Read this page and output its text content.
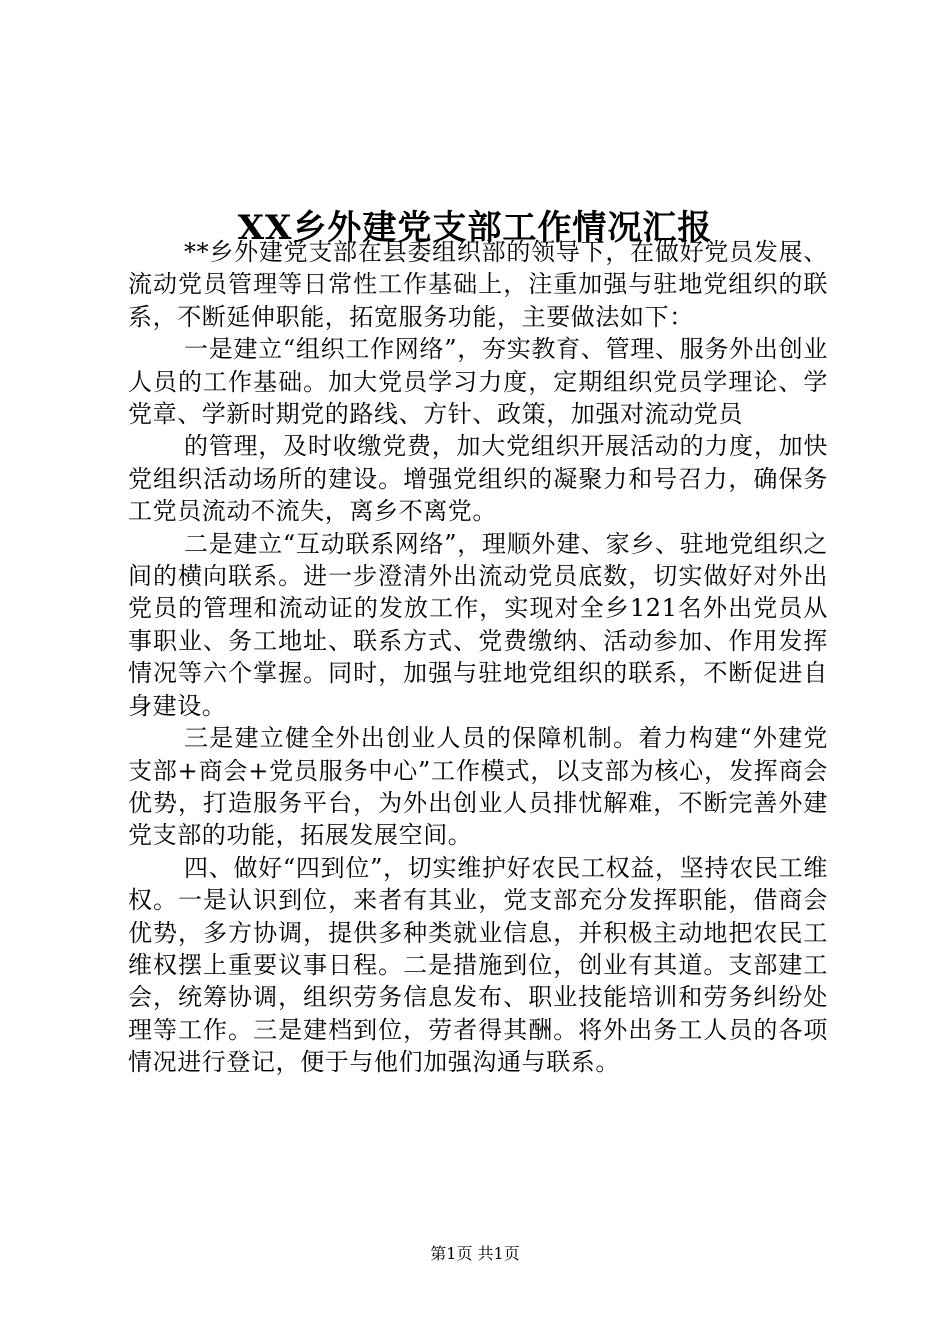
XX乡外建党支部工作情况汇报

**乡外建党支部在县委组织部的领导下，在做好党员发展、流动党员管理等日常性工作基础上，注重加强与驻地党组织的联系，不断延伸职能，拓宽服务功能，主要做法如下：

一是建立“组织工作网络”，夯实教育、管理、服务外出创业人员的工作基础。加大党员学习力度，定期组织党员学理论、学党章、学新时期党的路线、方针、政策，加强对流动党员

的管理，及时收缴党费，加大党组织开展活动的力度，加快党组织活动场所的建设。增强党组织的凝聚力和号召力，确保务工党员流动不流失，离乡不离党。

二是建立“互动联系网络”，理顺外建、家乡、驻地党组织之间的横向联系。进一步澄清外出流动党员底数，切实做好对外出党员的管理和流动证的发放工作，实现对全乡121名外出党员从事职业、务工地址、联系方式、党费缴纳、活动参加、作用发挥情况等六个掌握。同时，加强与驻地党组织的联系，不断促进自身建设。

三是建立健全外出创业人员的保障机制。着力构建“外建党支部+商会+党员服务中心”工作模式，以支部为核心，发挥商会优势，打造服务平台，为外出创业人员排忧解难，不断完善外建党支部的功能，拓展发展空间。

四、做好“四到位”，切实维护好农民工权益，坚持农民工维权。一是认识到位，来者有其业，党支部充分发挥职能，借商会优势，多方协调，提供多种类就业信息，并积极主动地把农民工维权摆上重要议事日程。二是措施到位，创业有其道。支部建工会，统筹协调，组织劳务信息发布、职业技能培训和劳务纠纷处理等工作。三是建档到位，劳者得其酬。将外出务工人员的各项情况进行登记，便于与他们加强沟通与联系。

第1页 共1页
